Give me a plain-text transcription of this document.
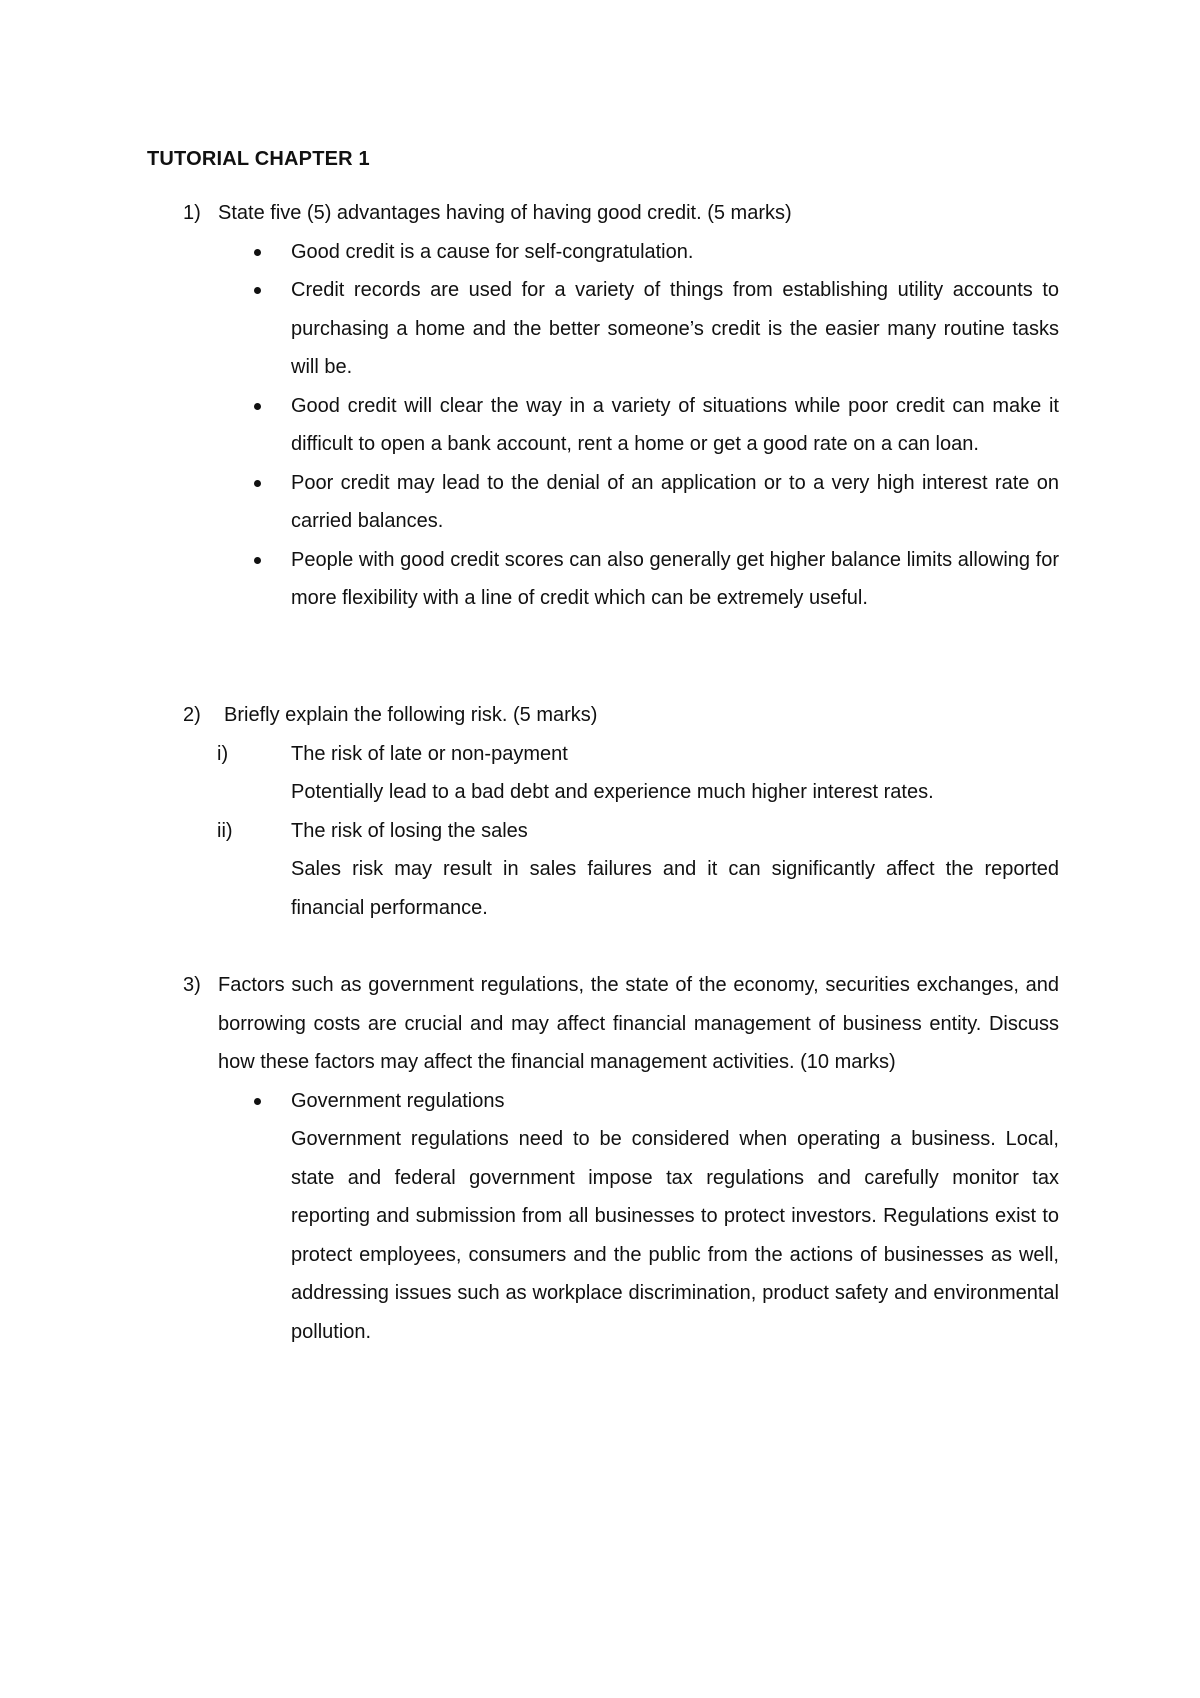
TUTORIAL CHAPTER 1
1) State five (5) advantages having of having good credit. (5 marks)
Good credit is a cause for self-congratulation.
Credit records are used for a variety of things from establishing utility accounts to purchasing a home and the better someone’s credit is the easier many routine tasks will be.
Good credit will clear the way in a variety of situations while poor credit can make it difficult to open a bank account, rent a home or get a good rate on a can loan.
Poor credit may lead to the denial of an application or to a very high interest rate on carried balances.
People with good credit scores can also generally get higher balance limits allowing for more flexibility with a line of credit which can be extremely useful.
2)	Briefly explain the following risk. (5 marks)
i)	The risk of late or non-payment
Potentially lead to a bad debt and experience much higher interest rates.
ii)	The risk of losing the sales
Sales risk may result in sales failures and it can significantly affect the reported financial performance.
3) Factors such as government regulations, the state of the economy, securities exchanges, and borrowing costs are crucial and may affect financial management of business entity. Discuss how these factors may affect the financial management activities. (10 marks)
Government regulations
Government regulations need to be considered when operating a business. Local, state and federal government impose tax regulations and carefully monitor tax reporting and submission from all businesses to protect investors. Regulations exist to protect employees, consumers and the public from the actions of businesses as well, addressing issues such as workplace discrimination, product safety and environmental pollution.
